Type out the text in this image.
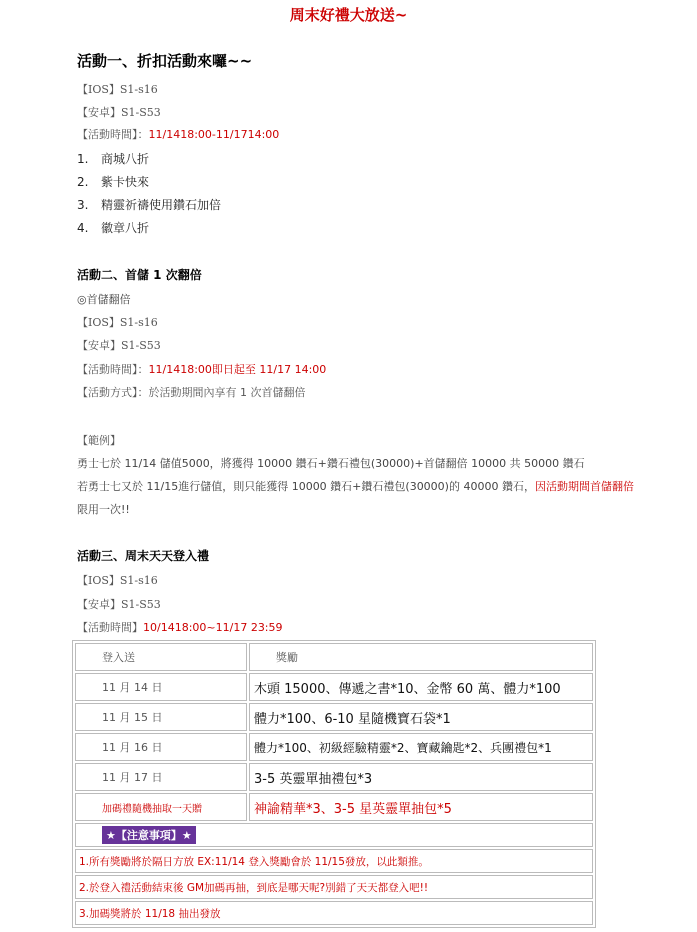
周末好禮大放送~
活動一、折扣活動來囉~~
【IOS】S1-s16
【安卓】S1-S53
【活動時間】：11/1418:00-11/1714:00
1. 商城八折
2. 紫卡快來
3. 精靈祈禱使用鑽石加倍
4. 徽章八折
活動二、首儲 1 次翻倍
◎首儲翻倍
【IOS】S1-s16
【安卓】S1-S53
【活動時間】：11/1418:00即日起至 11/17 14:00
【活動方式】：於活動期間內享有 1 次首儲翻倍
【範例】
勇士七於 11/14 儲值5000，將獲得 10000 鑽石+鑽石禮包(30000)+首儲翻倍 10000 共 50000 鑽石
若勇士七又於 11/15進行儲值，則只能獲得 10000 鑽石+鑽石禮包(30000)的 40000 鑽石，因活動期間首儲翻倍
限用一次!!
活動三、周末天天登入禮
【IOS】S1-s16
【安卓】S1-S53
【活動時間】10/1418:00~11/17 23:59
登入送	獎勵
11 月 14 日	木頭 15000、傳遞之書*10、金幣 60 萬、體力*100
11 月 15 日	體力*100、6-10 星隨機寶石袋*1
11 月 16 日	體力*100、初級經驗精靈*2、寶藏鑰匙*2、兵團禮包*1
11 月 17 日	3-5 英靈單抽禮包*3
加碼禮隨機抽取一天贈	神諭精華*3、3-5 星英靈單抽包*5
★【注意事項】★	
1.所有獎勵將於隔日方放 EX:11/14 登入獎勵會於 11/15發放，以此類推。	
2.於登入禮活動結束後 GM加碼再抽，到底是哪天呢?別錯了天天都登入吧!!	
3.加碼獎將於 11/18 抽出發放	
